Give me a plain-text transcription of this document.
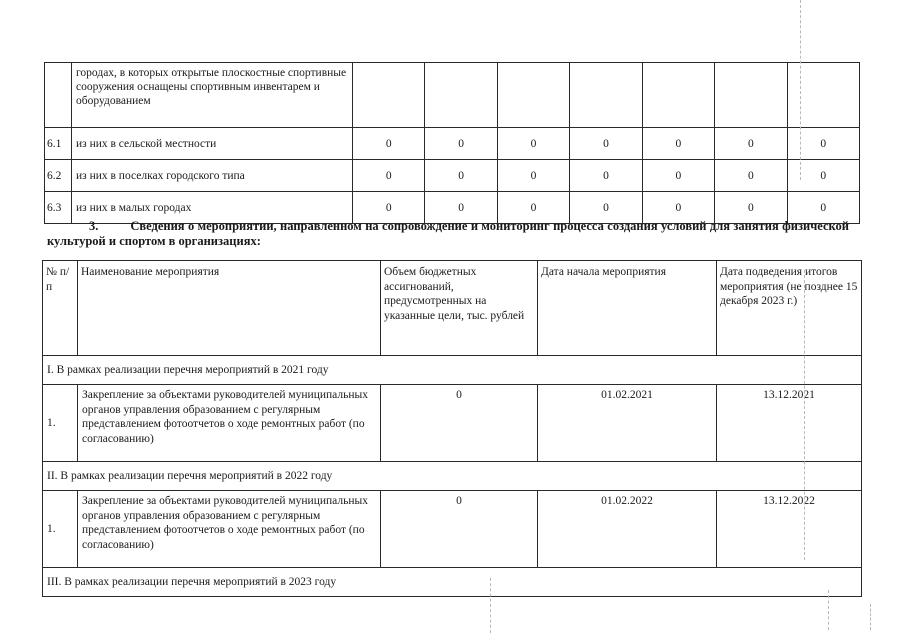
	городах, в которых открытые плоскостные спортивные сооружения оснащены спортивным инвентарем и оборудованием							
6.1	из них в сельской местности	0	0	0	0	0	0	0
6.2	из них в поселках городского типа	0	0	0	0	0	0	0
6.3	из них в малых городах	0	0	0	0	0	0	0
3.	Сведения о мероприятии, направленном на сопровождение и мониторинг процесса создания условий для занятия физической культурой и спортом в организациях:
№ п/п	Наименование мероприятия	Объем бюджетных ассигнований, предусмотренных на указанные цели, тыс. рублей	Дата начала мероприятия	Дата подведения итогов мероприятия (не позднее 15 декабря 2023 г.)
I. В рамках реализации перечня мероприятий в 2021 году				
1.	Закрепление за объектами руководителей муниципальных органов управления образованием с регулярным представлением фотоотчетов о ходе ремонтных работ (по согласованию)	0	01.02.2021	13.12.2021
II. В рамках реализации перечня мероприятий в 2022 году				
1.	Закрепление за объектами руководителей муниципальных органов управления образованием с регулярным представлением фотоотчетов о ходе ремонтных работ (по согласованию)	0	01.02.2022	13.12.2022
III. В рамках реализации перечня мероприятий в 2023 году				
